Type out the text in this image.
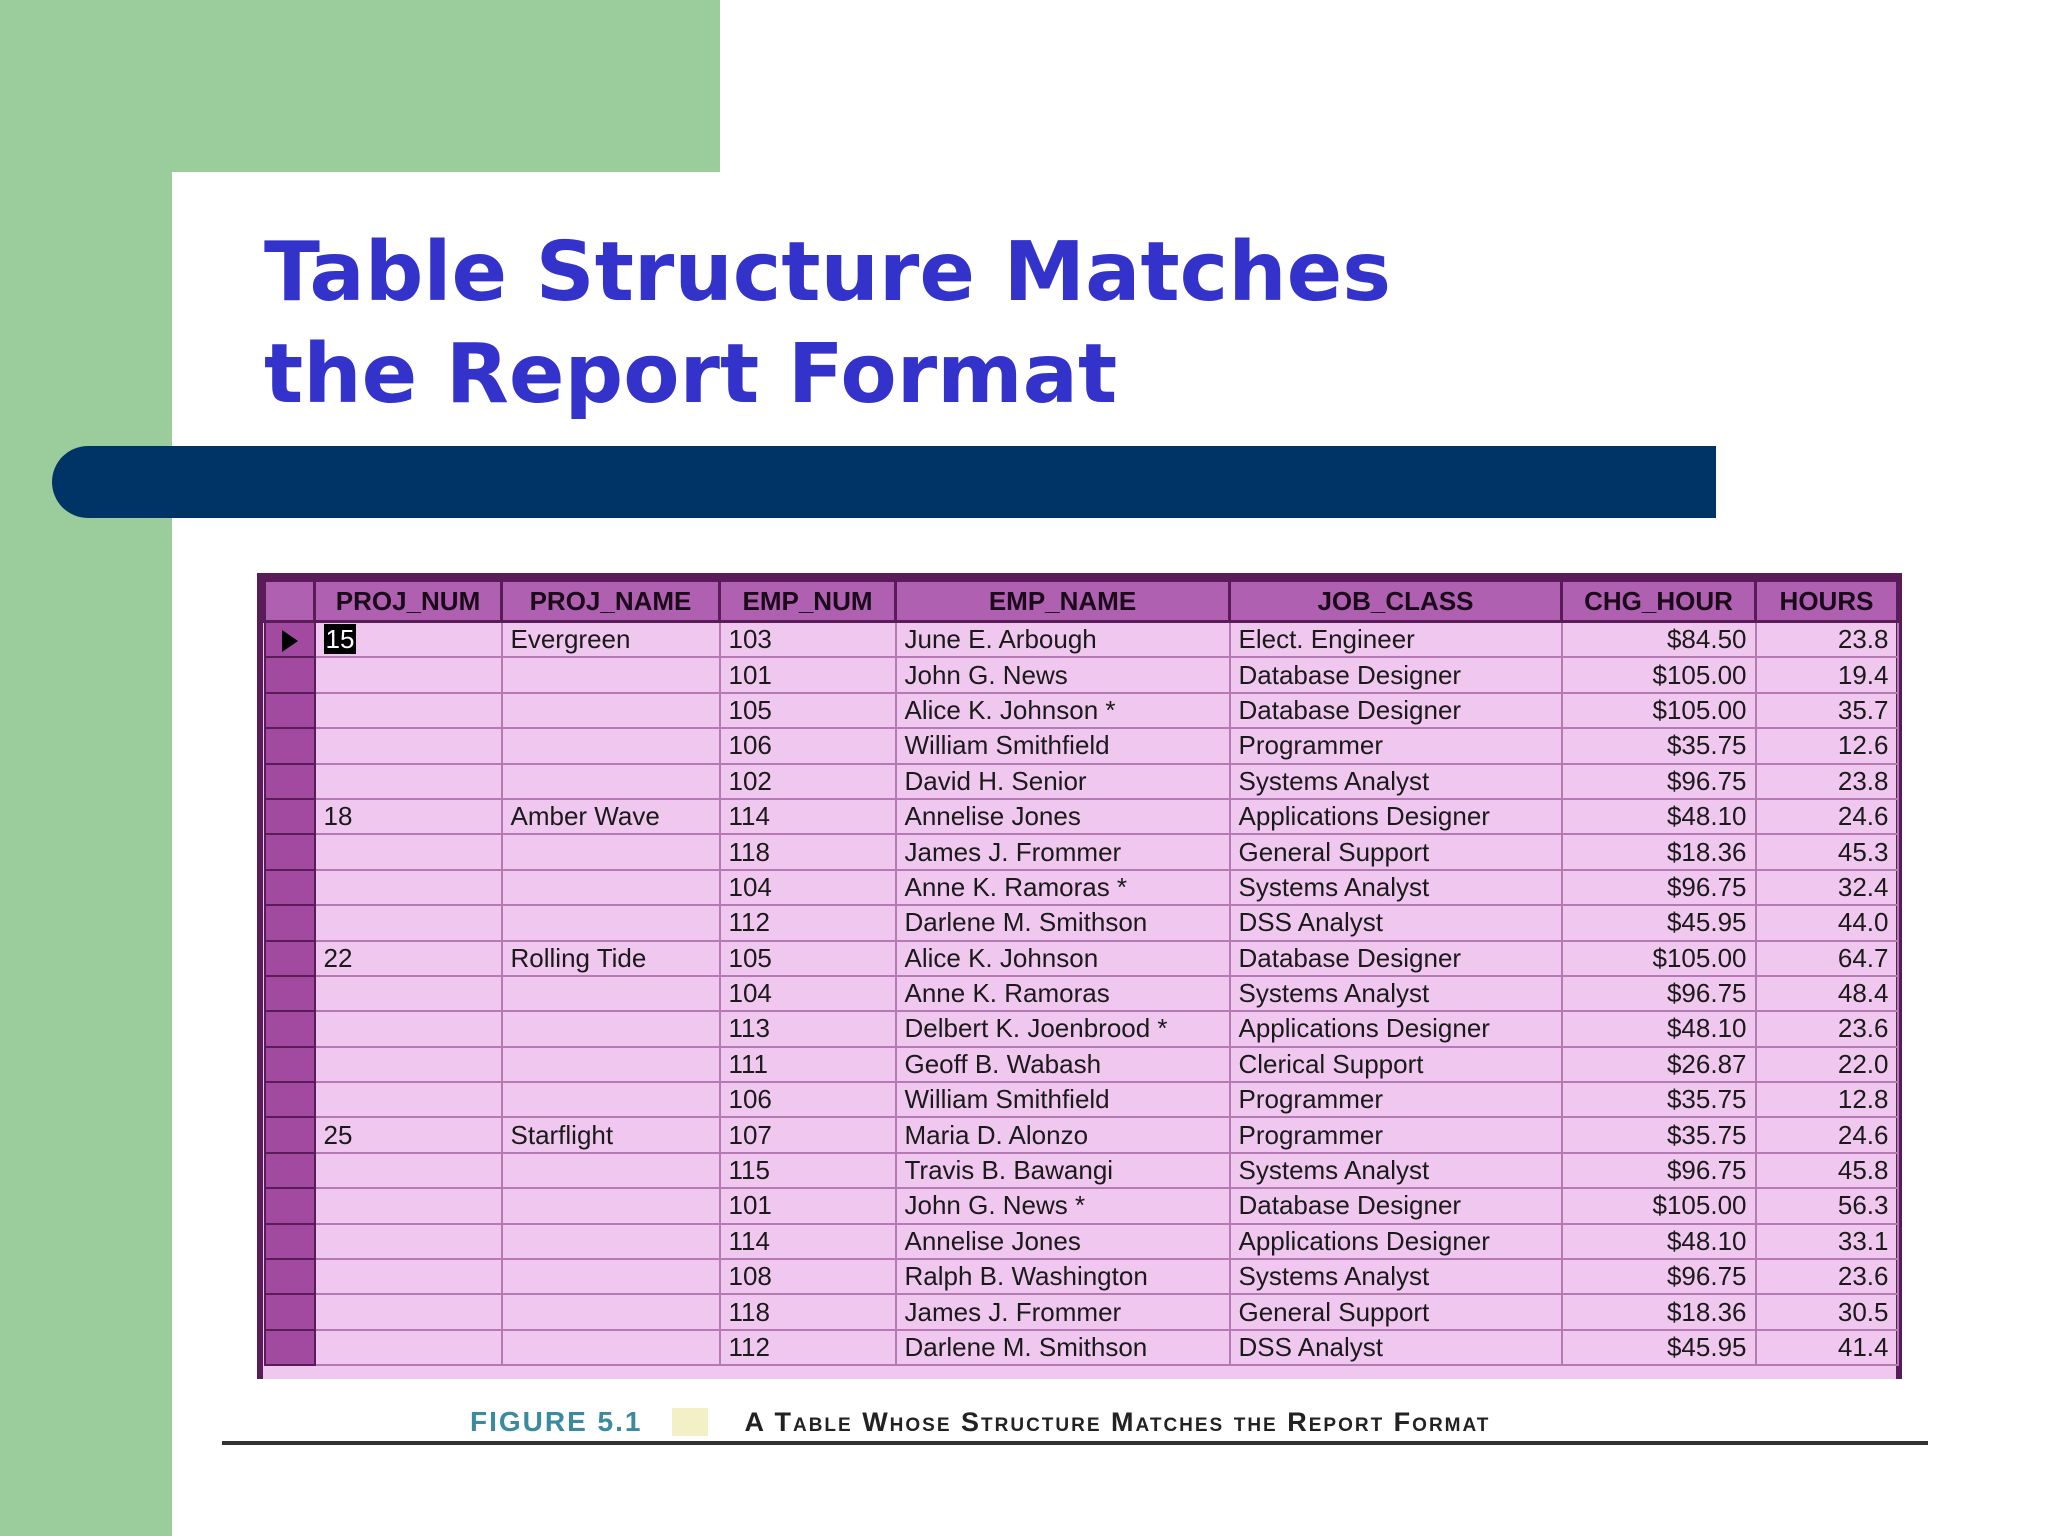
Table Structure Matches
the Report Format
	PROJ_NUM	PROJ_NAME	EMP_NUM	EMP_NAME	JOB_CLASS	CHG_HOUR	HOURS
	15	Evergreen	103	June E. Arbough	Elect. Engineer	$84.50	23.8
			101	John G. News	Database Designer	$105.00	19.4
			105	Alice K. Johnson *	Database Designer	$105.00	35.7
			106	William Smithfield	Programmer	$35.75	12.6
			102	David H. Senior	Systems Analyst	$96.75	23.8
	18	Amber Wave	114	Annelise Jones	Applications Designer	$48.10	24.6
			118	James J. Frommer	General Support	$18.36	45.3
			104	Anne K. Ramoras *	Systems Analyst	$96.75	32.4
			112	Darlene M. Smithson	DSS Analyst	$45.95	44.0
	22	Rolling Tide	105	Alice K. Johnson	Database Designer	$105.00	64.7
			104	Anne K. Ramoras	Systems Analyst	$96.75	48.4
			113	Delbert K. Joenbrood *	Applications Designer	$48.10	23.6
			111	Geoff B. Wabash	Clerical Support	$26.87	22.0
			106	William Smithfield	Programmer	$35.75	12.8
	25	Starflight	107	Maria D. Alonzo	Programmer	$35.75	24.6
			115	Travis B. Bawangi	Systems Analyst	$96.75	45.8
			101	John G. News *	Database Designer	$105.00	56.3
			114	Annelise Jones	Applications Designer	$48.10	33.1
			108	Ralph B. Washington	Systems Analyst	$96.75	23.6
			118	James J. Frommer	General Support	$18.36	30.5
			112	Darlene M. Smithson	DSS Analyst	$45.95	41.4
FIGURE 5.1	A Table Whose Structure Matches the Report Format
